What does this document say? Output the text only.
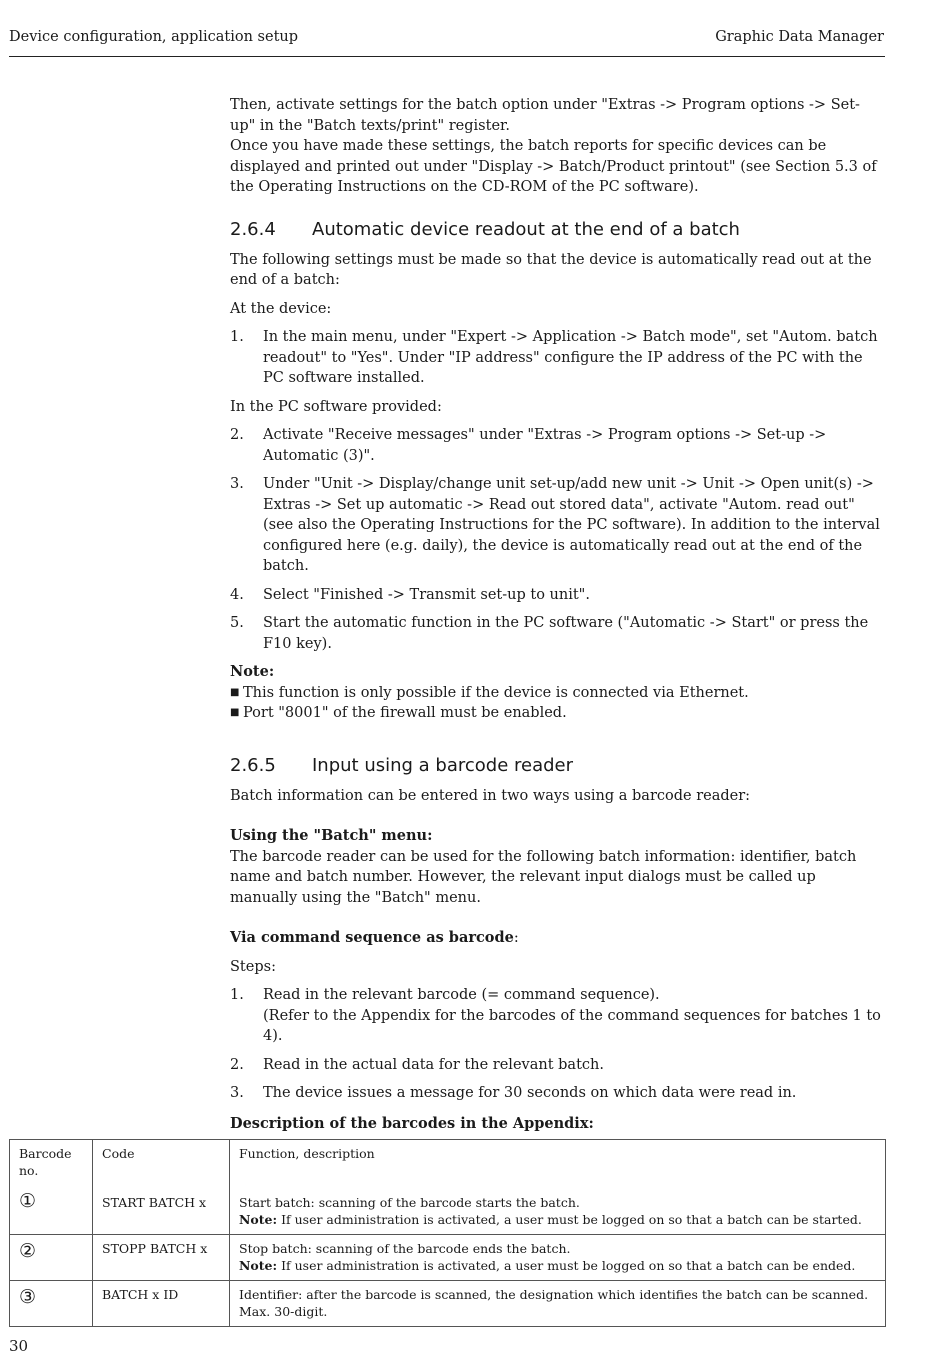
Device configuration, application setup	Graphic Data Manager

Then, activate settings for the batch option under "Extras -> Program options -> Set-up" in the "Batch texts/print" register.

Once you have made these settings, the batch reports for specific devices can be displayed and printed out under "Display -> Batch/Product printout" (see Section 5.3 of the Operating Instructions on the CD-ROM of the PC software).

2.6.4 Automatic device readout at the end of a batch

The following settings must be made so that the device is automatically read out at the end of a batch:

At the device:

1.	In the main menu, under "Expert -> Application -> Batch mode", set "Autom. batch readout" to "Yes". Under "IP address" configure the IP address of the PC with the PC software installed.

In the PC software provided:

2.	Activate "Receive messages" under "Extras -> Program options -> Set-up -> Automatic (3)".
3.	Under "Unit -> Display/change unit set-up/add new unit -> Unit -> Open unit(s) -> Extras -> Set up automatic -> Read out stored data", activate "Autom. read out" (see also the Operating Instructions for the PC software). In addition to the interval configured here (e.g. daily), the device is automatically read out at the end of the batch.
4.	Select "Finished -> Transmit set-up to unit".
5.	Start the automatic function in the PC software ("Automatic -> Start" or press the F10 key).

Note:

■ This function is only possible if the device is connected via Ethernet.
■ Port "8001" of the firewall must be enabled.
2.6.5 Input using a barcode reader

Batch information can be entered in two ways using a barcode reader:

Using the "Batch" menu:

The barcode reader can be used for the following batch information: identifier, batch name and batch number. However, the relevant input dialogs must be called up manually using the "Batch" menu.

Via command sequence as barcode:

Steps:

1.	Read in the relevant barcode (= command sequence).
(Refer to the Appendix for the barcodes of the command sequences for batches 1 to 4).
2.	Read in the actual data for the relevant batch.
3.	The device issues a message for 30 seconds on which data were read in.
Description of the barcodes in the Appendix:
Barcode no.	Code	Function, description
①	START BATCH x	Start batch: scanning of the barcode starts the batch.
Note: If user administration is activated, a user must be logged on so that a batch can be started.
②	STOPP BATCH x	Stop batch: scanning of the barcode ends the batch.
Note: If user administration is activated, a user must be logged on so that a batch can be ended.
③	BATCH x ID	Identifier: after the barcode is scanned, the designation which identifies the batch can be scanned. Max. 30-digit.
30
